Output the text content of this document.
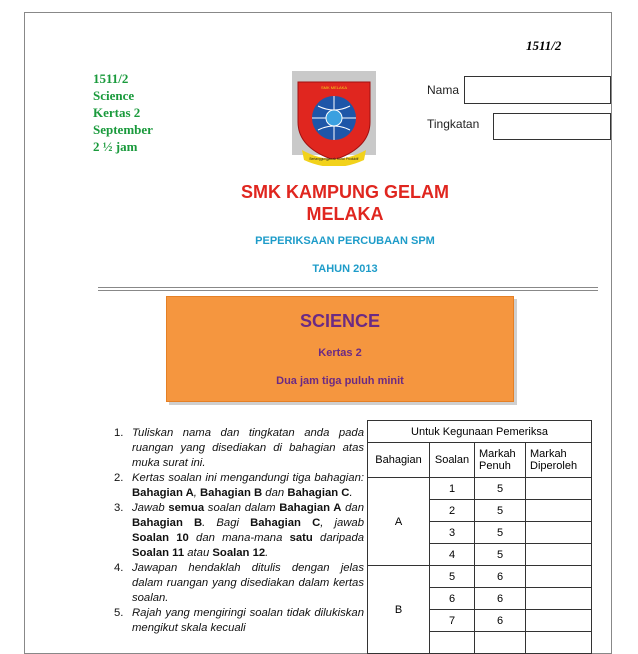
1511/2
1511/2
Science
Kertas 2
September
2 ½ jam
SMK MELAKA
Bertanggungjawab Kunci Produktif
Nama
Tingkatan
SMK KAMPUNG GELAM
MELAKA
PEPERIKSAAN PERCUBAAN SPM
TAHUN 2013
SCIENCE
Kertas 2
Dua jam tiga puluh minit
1. Tuliskan nama dan tingkatan anda pada ruangan yang disediakan di bahagian atas muka surat ini.
2. Kertas soalan ini mengandungi tiga bahagian: Bahagian A, Bahagian B dan Bahagian C.
3. Jawab semua soalan dalam Bahagian A dan Bahagian B. Bagi Bahagian C, jawab Soalan 10 dan mana-mana satu daripada Soalan 11 atau Soalan 12.
4. Jawapan hendaklah ditulis dengan jelas dalam ruangan yang disediakan dalam kertas soalan.
5. Rajah yang mengiringi soalan tidak dilukiskan mengikut skala kecuali
Untuk Kegunaan Pemeriksa			
Bahagian	Soalan	Markah Penuh	Markah Diperoleh
A	1	5	
	2	5	
	3	5	
	4	5	
B	5	6	
	6	6	
	7	6	
